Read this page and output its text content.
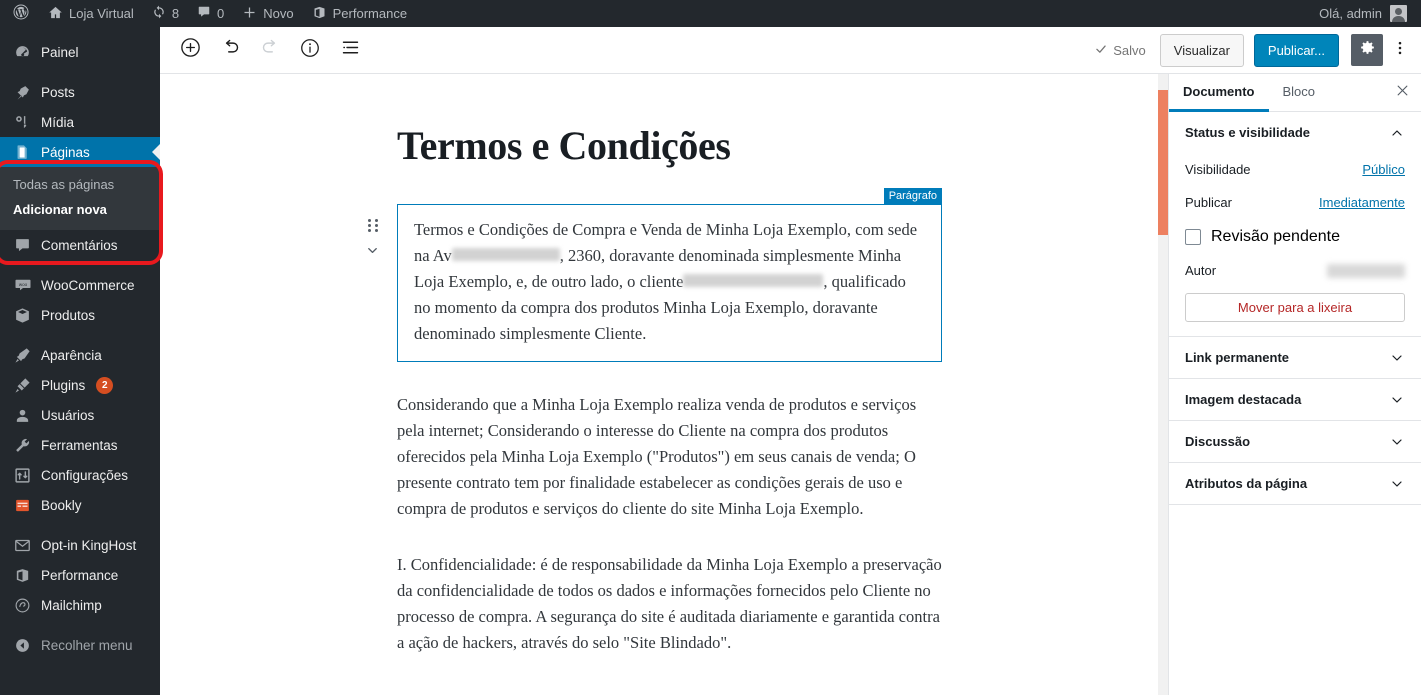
Loja Virtual	8	0	Novo	Performance	Olá, admin
Painel
Posts
Mídia
Páginas
Todas as páginas
Adicionar nova
Comentários
woo WooCommerce
Produtos
Aparência
Plugins	2
Usuários
Ferramentas
Configurações
Bookly
Opt-in KingHost
Performance
Mailchimp
Recolher menu
Salvo	Visualizar	Publicar...
Termos e Condições
Parágrafo

Termos e Condições de Compra e Venda de Minha Loja Exemplo, com sede na Av	, 2360, doravante denominada simplesmente Minha Loja Exemplo, e, de outro lado, o cliente	, qualificado no momento da compra dos produtos Minha Loja Exemplo, doravante denominado simplesmente Cliente.

Considerando que a Minha Loja Exemplo realiza venda de produtos e serviços pela internet; Considerando o interesse do Cliente na compra dos produtos oferecidos pela Minha Loja Exemplo ("Produtos") em seus canais de venda; O presente contrato tem por finalidade estabelecer as condições gerais de uso e compra de produtos e serviços do cliente do site Minha Loja Exemplo.
I. Confidencialidade: é de responsabilidade da Minha Loja Exemplo a preservação da confidencialidade de todos os dados e informações fornecidos pelo Cliente no processo de compra. A segurança do site é auditada diariamente e garantida contra a ação de hackers, através do selo "Site Blindado".
Documento	Bloco
Status e visibilidade
Visibilidade	Público
Publicar	Imediatamente
Revisão pendente
Autor
Mover para a lixeira
Link permanente
Imagem destacada
Discussão
Atributos da página
